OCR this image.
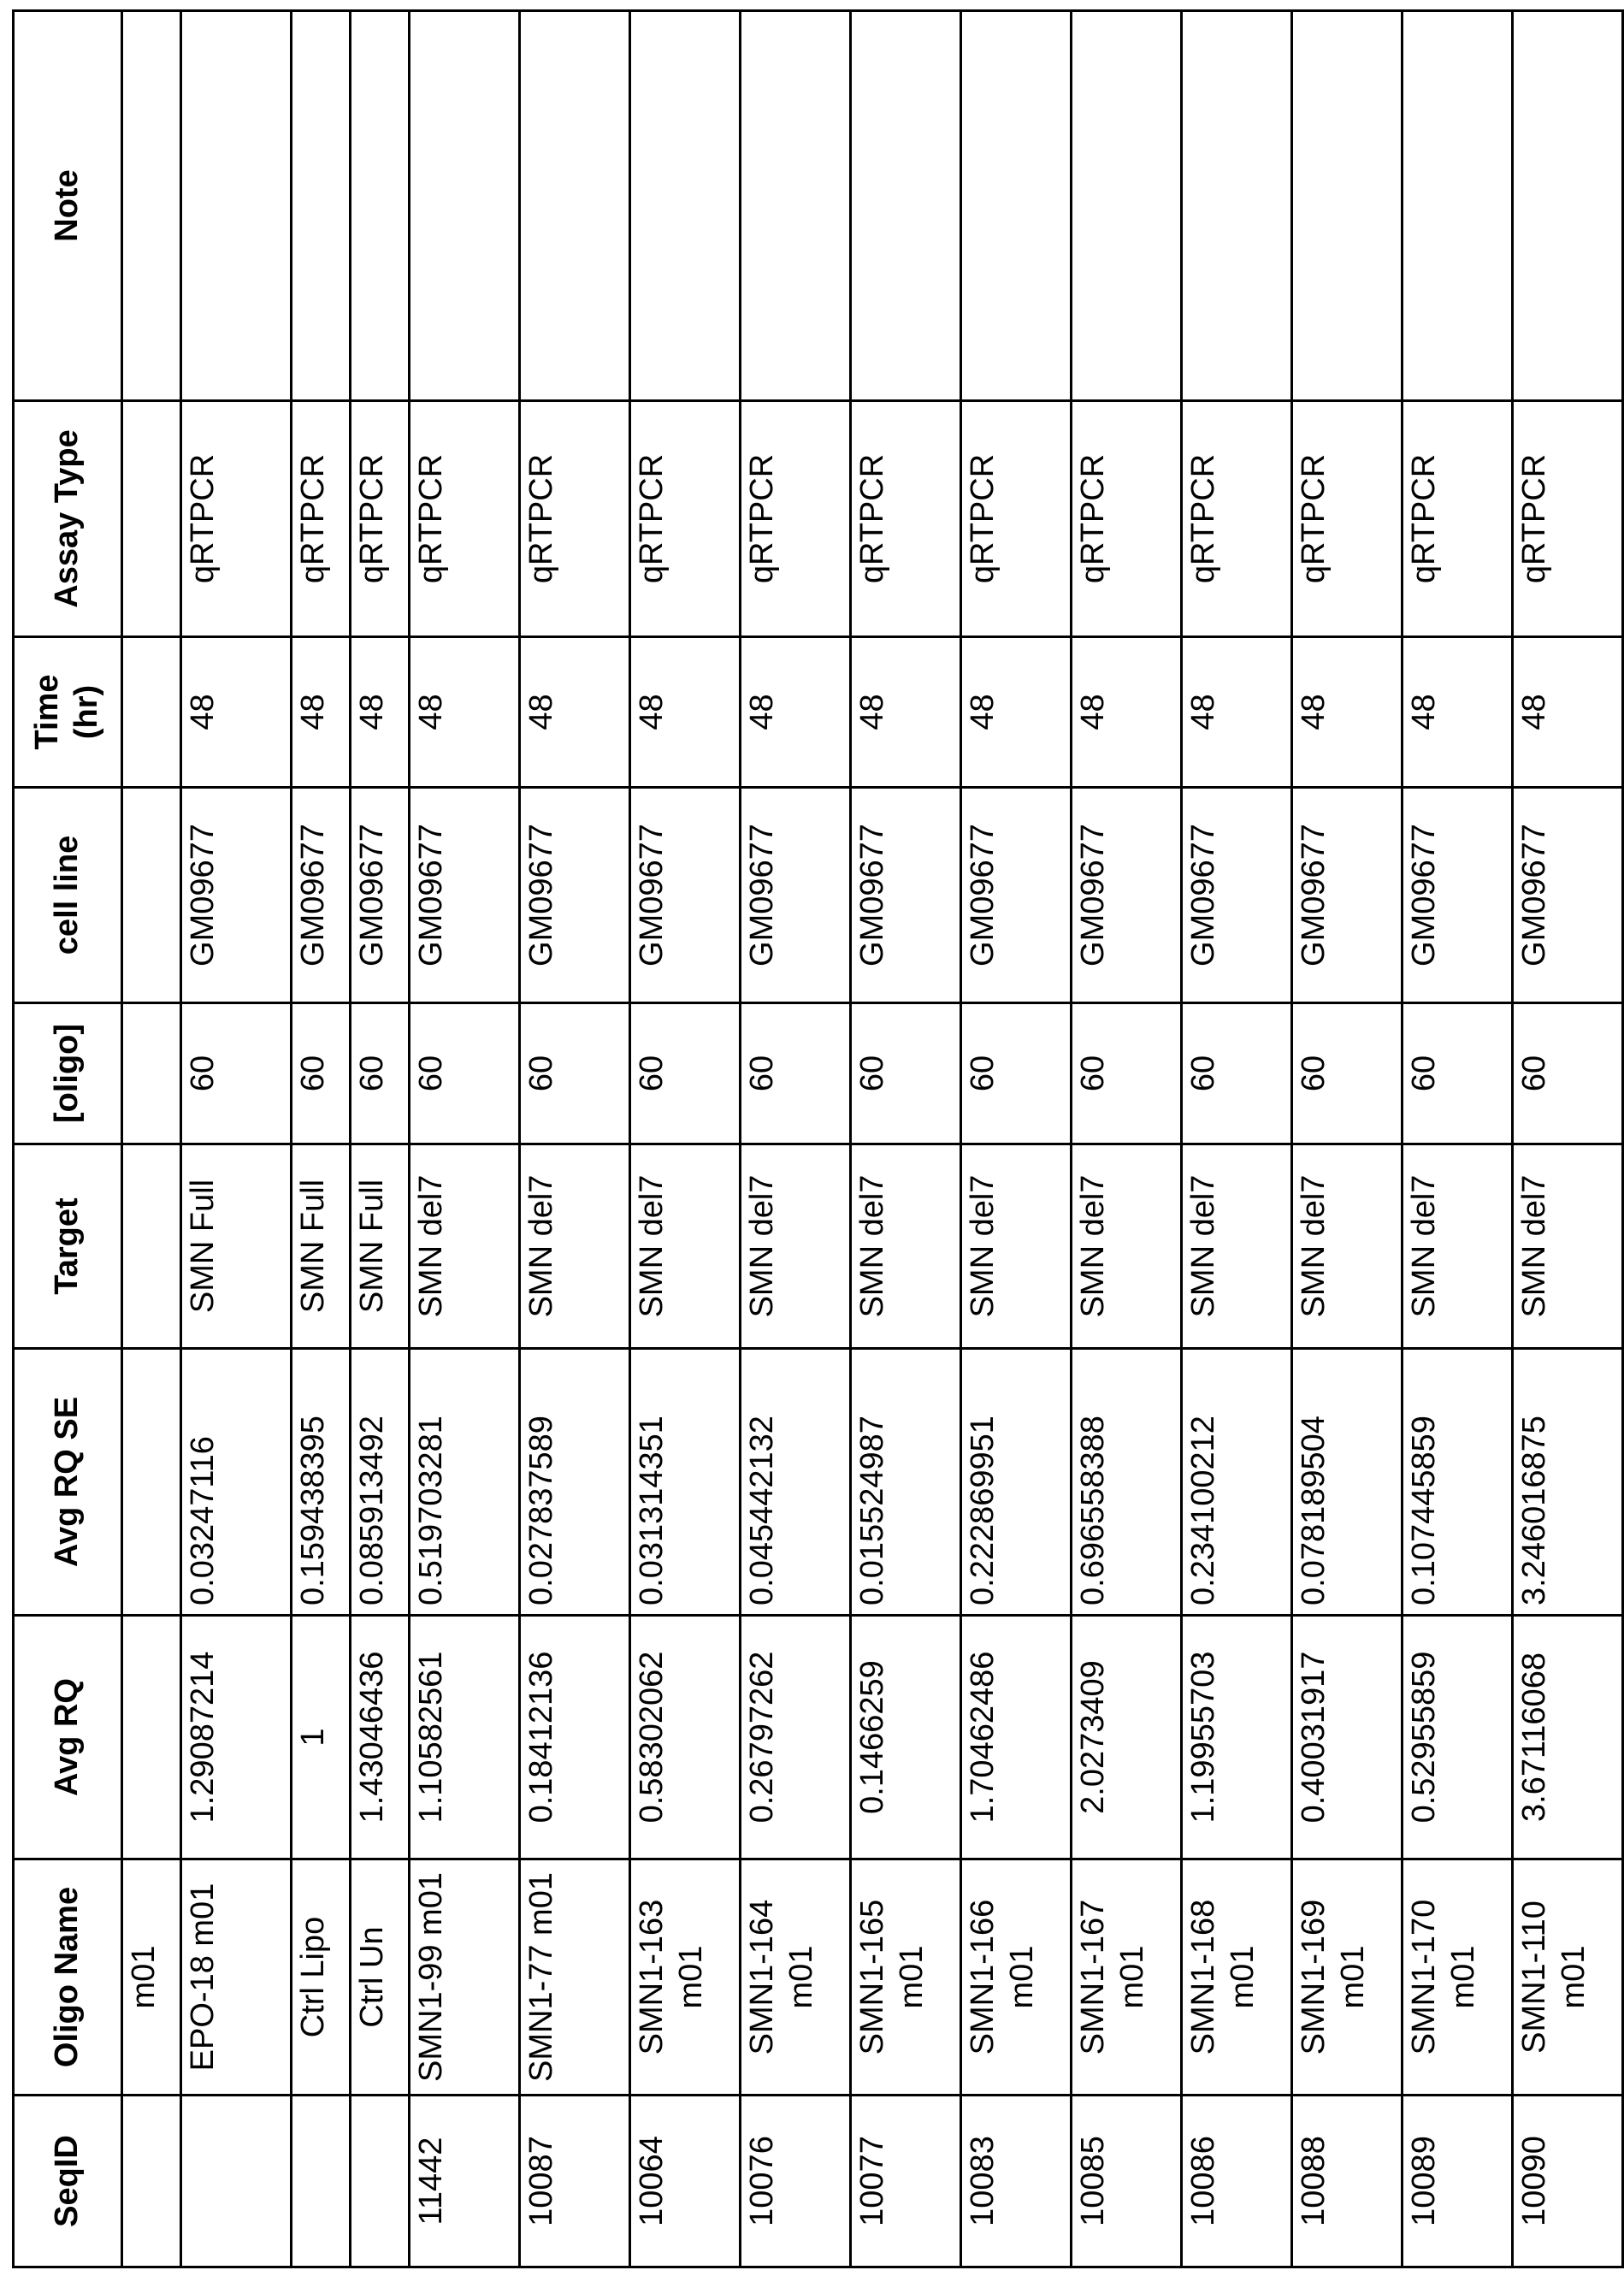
SeqID	Oligo Name	Avg RQ	Avg RQ SE	Target	[oligo]	cell line	Time (hr)	Assay Type	Note
	m01									EPO-18 m01	1.29087214	0.03247116	SMN Full	60	GM09677	48	qRTPCR	
	Ctrl Lipo	1	0.159438395	SMN Full	60	GM09677	48	qRTPCR	
	Ctrl Un	1.43046436	0.085913492	SMN Full	60	GM09677	48	qRTPCR	
11442	SMN1-99 m01	1.10582561	0.519703281	SMN del7	60	GM09677	48	qRTPCR	
10087	SMN1-77 m01	0.18412136	0.027837589	SMN del7	60	GM09677	48	qRTPCR	
10064	SMN1-163 m01	0.58302062	0.031314351	SMN del7	60	GM09677	48	qRTPCR	
10076	SMN1-164 m01	0.26797262	0.045442132	SMN del7	60	GM09677	48	qRTPCR	
10077	SMN1-165 m01	0.1466259	0.015524987	SMN del7	60	GM09677	48	qRTPCR	
10083	SMN1-166 m01	1.70462486	0.222869951	SMN del7	60	GM09677	48	qRTPCR	
10085	SMN1-167 m01	2.0273409	0.696558388	SMN del7	60	GM09677	48	qRTPCR	
10086	SMN1-168 m01	1.19955703	0.234100212	SMN del7	60	GM09677	48	qRTPCR	
10088	SMN1-169 m01	0.40031917	0.078189504	SMN del7	60	GM09677	48	qRTPCR	
10089	SMN1-170 m01	0.52955859	0.107445859	SMN del7	60	GM09677	48	qRTPCR	
10090	SMN1-110 m01	3.67116068	3.246016875	SMN del7	60	GM09677	48	qRTPCR	
